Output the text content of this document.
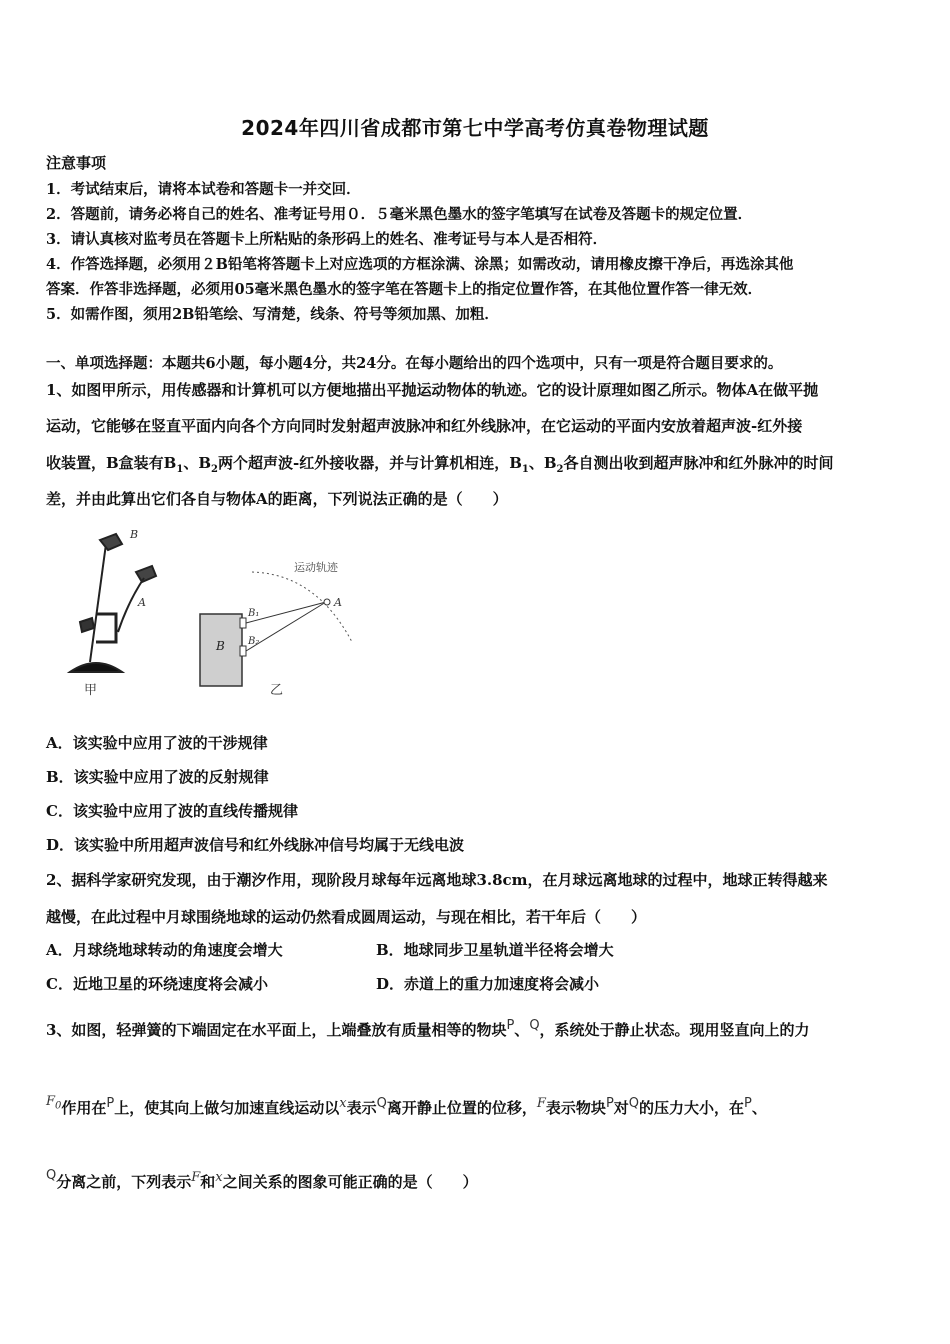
2024年四川省成都市第七中学高考仿真卷物理试题
注意事项
1．考试结束后，请将本试卷和答题卡一并交回．
2．答题前，请务必将自己的姓名、准考证号用０．５毫米黑色墨水的签字笔填写在试卷及答题卡的规定位置．
3．请认真核对监考员在答题卡上所粘贴的条形码上的姓名、准考证号与本人是否相符．
4．作答选择题，必须用２B铅笔将答题卡上对应选项的方框涂满、涂黑；如需改动，请用橡皮擦干净后，再选涂其他
答案．作答非选择题，必须用05毫米黑色墨水的签字笔在答题卡上的指定位置作答，在其他位置作答一律无效．
5．如需作图，须用2B铅笔绘、写清楚，线条、符号等须加黑、加粗．
一、单项选择题：本题共6小题，每小题4分，共24分。在每小题给出的四个选项中，只有一项是符合题目要求的。
1、如图甲所示，用传感器和计算机可以方便地描出平抛运动物体的轨迹。它的设计原理如图乙所示。物体A在做平抛
运动，它能够在竖直平面内向各个方向同时发射超声波脉冲和红外线脉冲，在它运动的平面内安放着超声波-红外接
收装置，B盒装有$B_1$、$B_2$两个超声波-红外接收器，并与计算机相连，$B_1$、$B_2$各自测出收到超声脉冲和红外脉冲的时间
差，并由此算出它们各自与物体A的距离，下列说法正确的是（　　）
B
A
甲
B
B₁
B₂
A
运动轨迹
乙
A．该实验中应用了波的干涉规律
B．该实验中应用了波的反射规律
C．该实验中应用了波的直线传播规律
D．该实验中所用超声波信号和红外线脉冲信号均属于无线电波
2、据科学家研究发现，由于潮汐作用，现阶段月球每年远离地球3.8cm，在月球远离地球的过程中，地球正转得越来
越慢，在此过程中月球围绕地球的运动仍然看成圆周运动，与现在相比，若干年后（　　）
A．月球绕地球转动的角速度会增大	B．地球同步卫星轨道半径将会增大
C．近地卫星的环绕速度将会减小	D．赤道上的重力加速度将会减小
3、如图，轻弹簧的下端固定在水平面上，上端叠放有质量相等的物块P、Q，系统处于静止状态。现用竖直向上的力
$F_0$作用在P上，使其向上做匀加速直线运动以x表示Q离开静止位置的位移，F表示物块P对Q的压力大小，在P、
Q分离之前，下列表示F和x之间关系的图象可能正确的是（　　）
